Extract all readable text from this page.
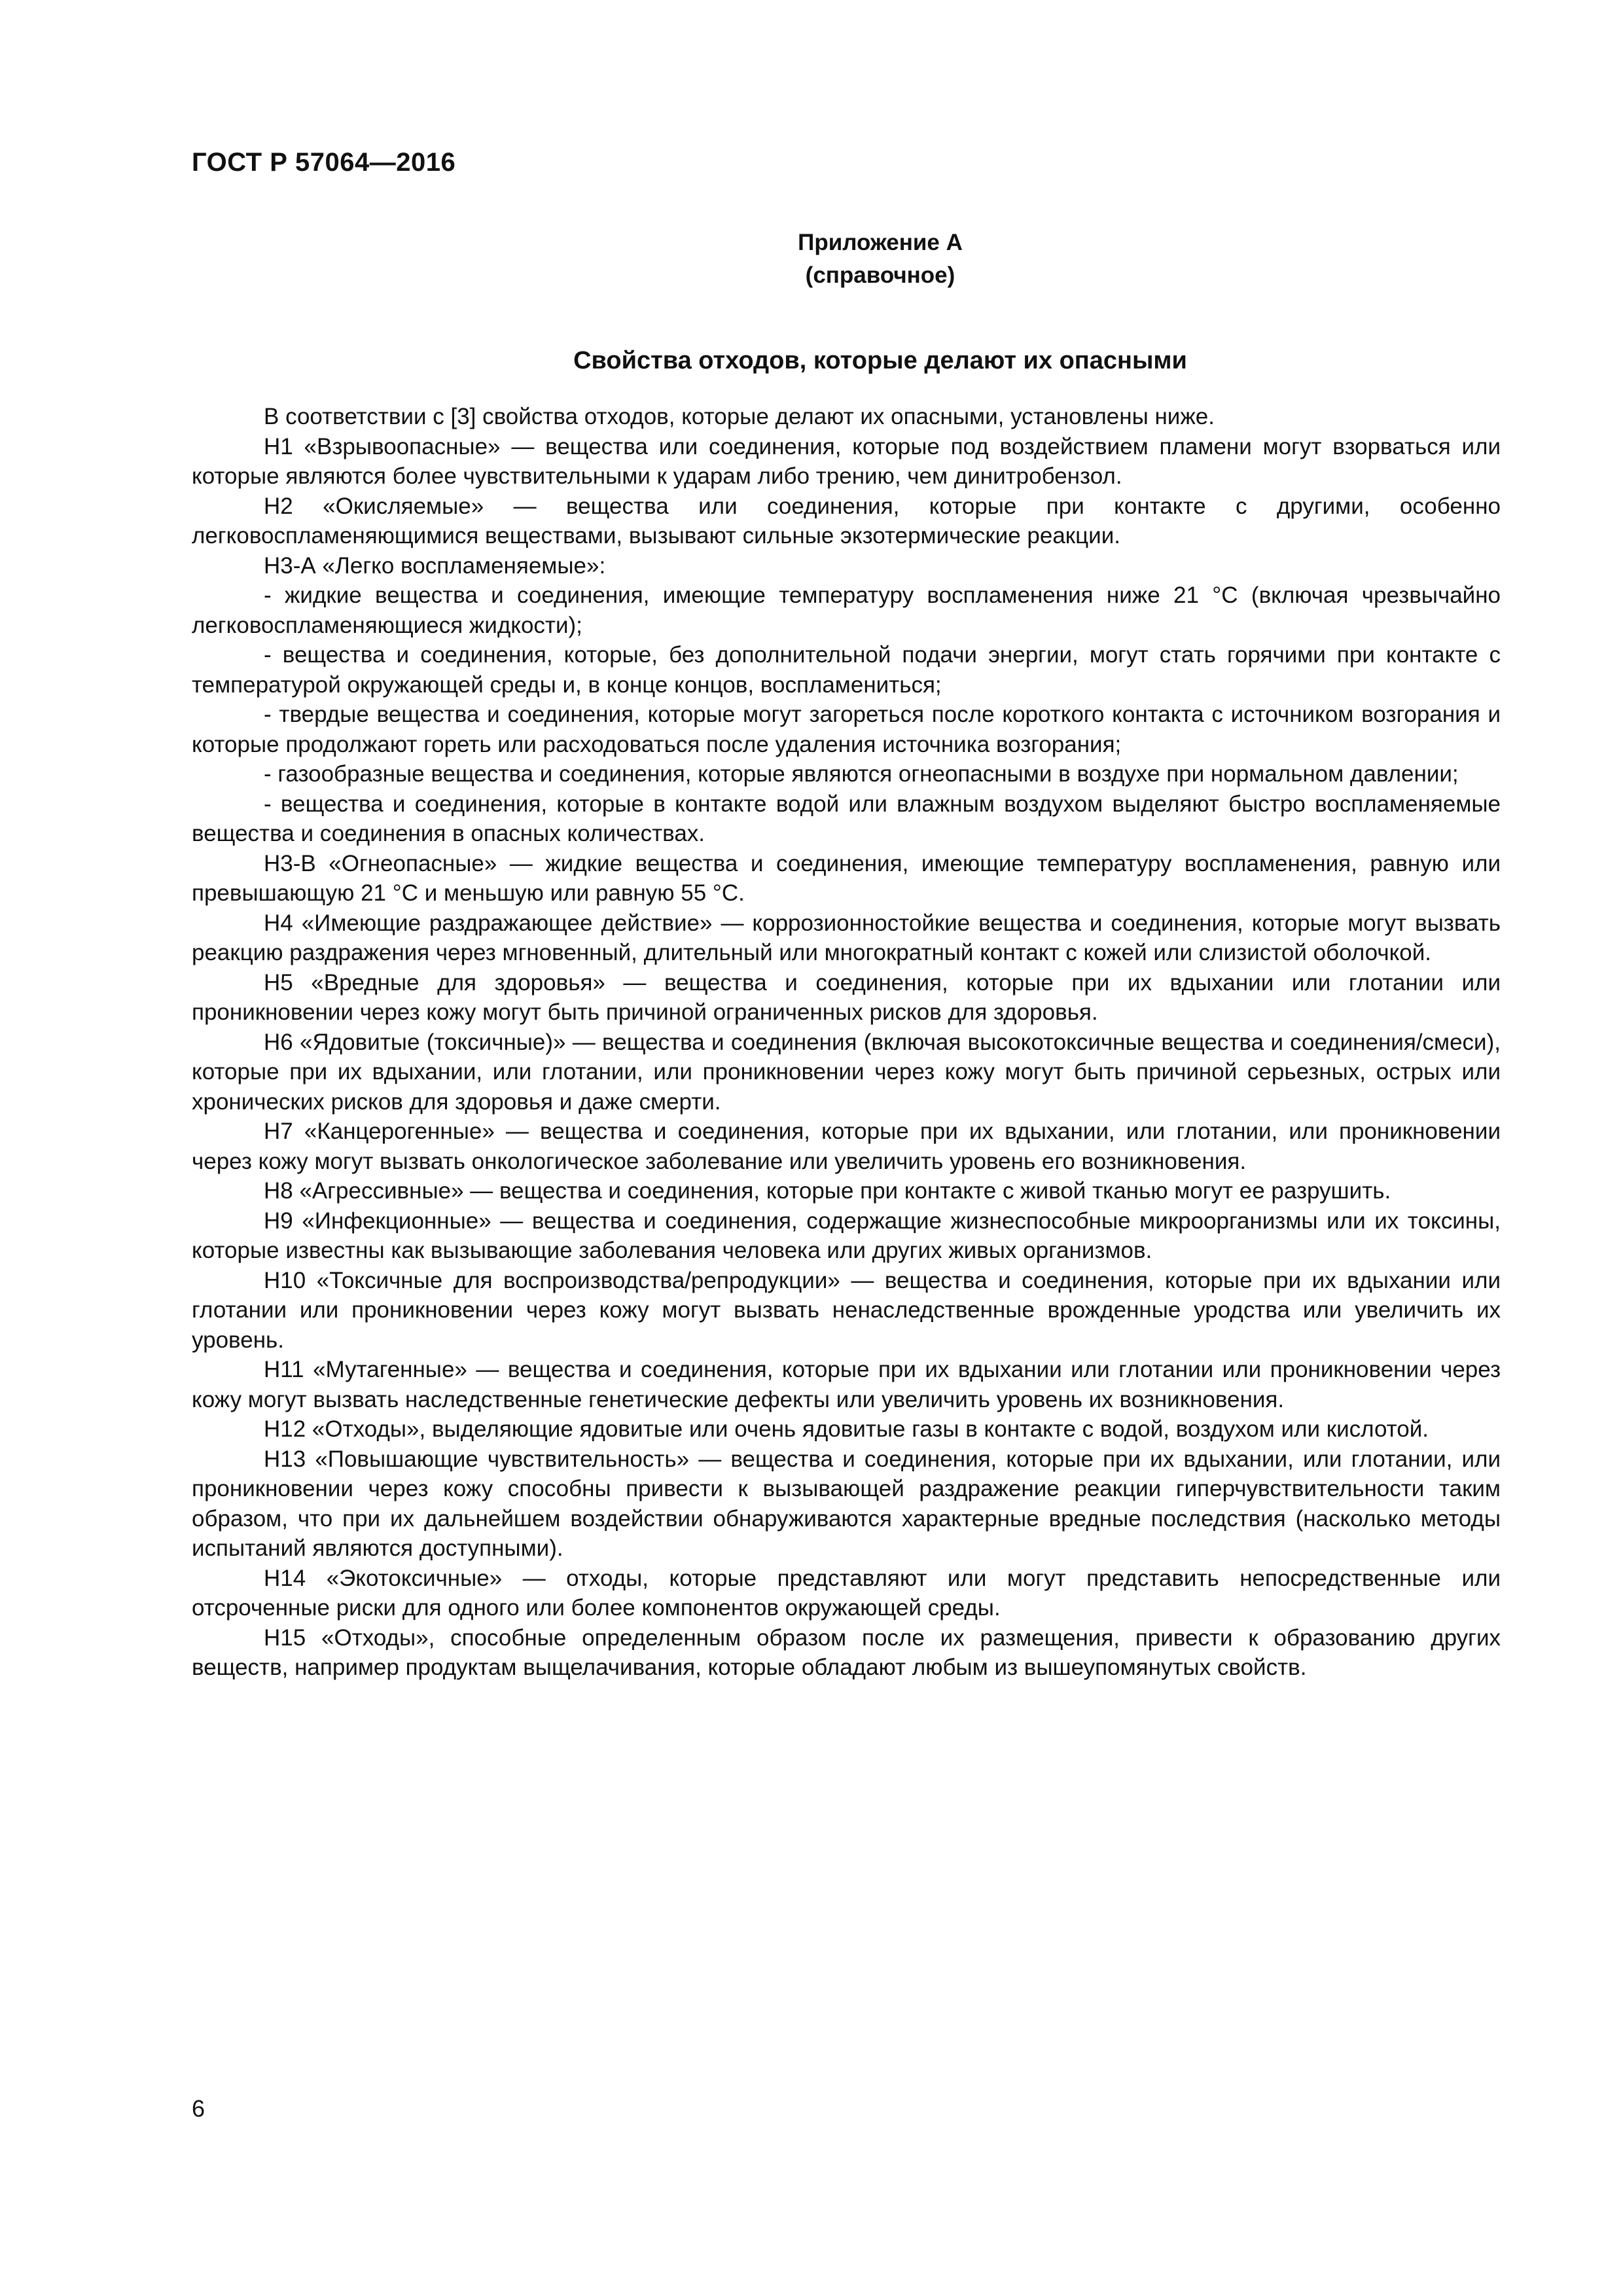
ГОСТ Р 57064—2016
Приложение А
(справочное)
Свойства отходов, которые делают их опасными

В соответствии с [3] свойства отходов, которые делают их опасными, установлены ниже.

Н1 «Взрывоопасные» — вещества или соединения, которые под воздействием пламени могут взорваться или которые являются более чувствительными к ударам либо трению, чем динитробензол.

Н2 «Окисляемые» — вещества или соединения, которые при контакте с другими, особенно легковоспламеняющимися веществами, вызывают сильные экзотермические реакции.

Н3-А «Легко воспламеняемые»:

- жидкие вещества и соединения, имеющие температуру воспламенения ниже 21 °С (включая чрезвычайно легковоспламеняющиеся жидкости);

- вещества и соединения, которые, без дополнительной подачи энергии, могут стать горячими при контакте с температурой окружающей среды и, в конце концов, воспламениться;

- твердые вещества и соединения, которые могут загореться после короткого контакта с источником возгорания и которые продолжают гореть или расходоваться после удаления источника возгорания;

- газообразные вещества и соединения, которые являются огнеопасными в воздухе при нормальном давлении;

- вещества и соединения, которые в контакте водой или влажным воздухом выделяют быстро воспламеняемые вещества и соединения в опасных количествах.

Н3-В «Огнеопасные» — жидкие вещества и соединения, имеющие температуру воспламенения, равную или превышающую 21 °С и меньшую или равную 55 °С.

Н4 «Имеющие раздражающее действие» — коррозионностойкие вещества и соединения, которые могут вызвать реакцию раздражения через мгновенный, длительный или многократный контакт с кожей или слизистой оболочкой.

Н5 «Вредные для здоровья» — вещества и соединения, которые при их вдыхании или глотании или проникновении через кожу могут быть причиной ограниченных рисков для здоровья.

Н6 «Ядовитые (токсичные)» — вещества и соединения (включая высокотоксичные вещества и соединения/смеси), которые при их вдыхании, или глотании, или проникновении через кожу могут быть причиной серьезных, острых или хронических рисков для здоровья и даже смерти.

Н7 «Канцерогенные» — вещества и соединения, которые при их вдыхании, или глотании, или проникновении через кожу могут вызвать онкологическое заболевание или увеличить уровень его возникновения.

Н8 «Агрессивные» — вещества и соединения, которые при контакте с живой тканью могут ее разрушить.

Н9 «Инфекционные» — вещества и соединения, содержащие жизнеспособные микроорганизмы или их токсины, которые известны как вызывающие заболевания человека или других живых организмов.

Н10 «Токсичные для воспроизводства/репродукции» — вещества и соединения, которые при их вдыхании или глотании или проникновении через кожу могут вызвать ненаследственные врожденные уродства или увеличить их уровень.

Н11 «Мутагенные» — вещества и соединения, которые при их вдыхании или глотании или проникновении через кожу могут вызвать наследственные генетические дефекты или увеличить уровень их возникновения.

Н12 «Отходы», выделяющие ядовитые или очень ядовитые газы в контакте с водой, воздухом или кислотой.

Н13 «Повышающие чувствительность» — вещества и соединения, которые при их вдыхании, или глотании, или проникновении через кожу способны привести к вызывающей раздражение реакции гиперчувствительности таким образом, что при их дальнейшем воздействии обнаруживаются характерные вредные последствия (насколько методы испытаний являются доступными).

Н14 «Экотоксичные» — отходы, которые представляют или могут представить непосредственные или отсроченные риски для одного или более компонентов окружающей среды.

Н15 «Отходы», способные определенным образом после их размещения, привести к образованию других веществ, например продуктам выщелачивания, которые обладают любым из вышеупомянутых свойств.

6
